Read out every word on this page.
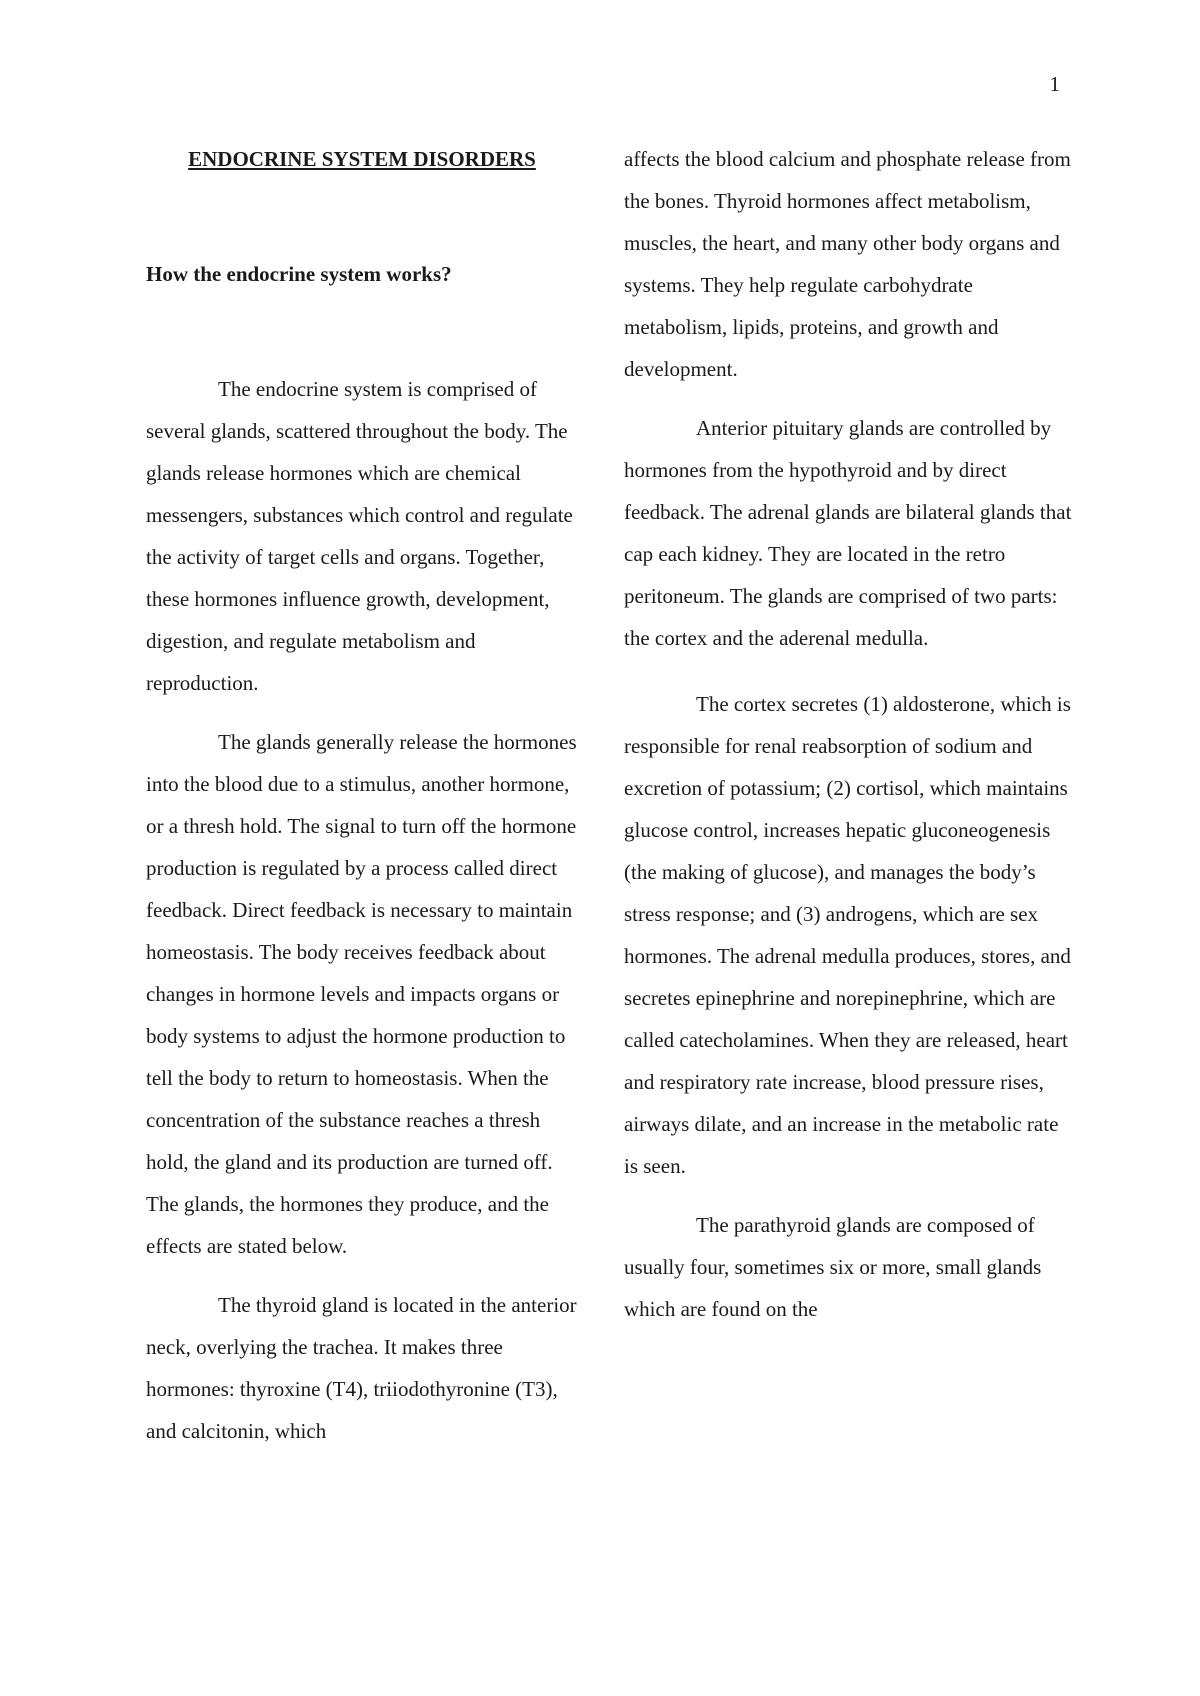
1

ENDOCRINE SYSTEM DISORDERS

How the endocrine system works?

The endocrine system is comprised of several glands, scattered throughout the body. The glands release hormones which are chemical messengers, substances which control and regulate the activity of target cells and organs. Together, these hormones influence growth, development, digestion, and regulate metabolism and reproduction.

The glands generally release the hormones into the blood due to a stimulus, another hormone, or a thresh hold. The signal to turn off the hormone production is regulated by a process called direct feedback. Direct feedback is necessary to maintain homeostasis. The body receives feedback about changes in hormone levels and impacts organs or body systems to adjust the hormone production to tell the body to return to homeostasis. When the concentration of the substance reaches a thresh hold, the gland and its production are turned off. The glands, the hormones they produce, and the effects are stated below.

The thyroid gland is located in the anterior neck, overlying the trachea. It makes three hormones: thyroxine (T4), triiodothyronine (T3), and calcitonin, which

affects the blood calcium and phosphate release from the bones. Thyroid hormones affect metabolism, muscles, the heart, and many other body organs and systems. They help regulate carbohydrate metabolism, lipids, proteins, and growth and development.

Anterior pituitary glands are controlled by hormones from the hypothyroid and by direct feedback. The adrenal glands are bilateral glands that cap each kidney. They are located in the retro peritoneum. The glands are comprised of two parts: the cortex and the aderenal medulla.

The cortex secretes (1) aldosterone, which is responsible for renal reabsorption of sodium and excretion of potassium; (2) cortisol, which maintains glucose control, increases hepatic gluconeogenesis (the making of glucose), and manages the body’s stress response; and (3) androgens, which are sex hormones. The adrenal medulla produces, stores, and secretes epinephrine and norepinephrine, which are called catecholamines. When they are released, heart and respiratory rate increase, blood pressure rises, airways dilate, and an increase in the metabolic rate is seen.

The parathyroid glands are composed of usually four, sometimes six or more, small glands which are found on the
